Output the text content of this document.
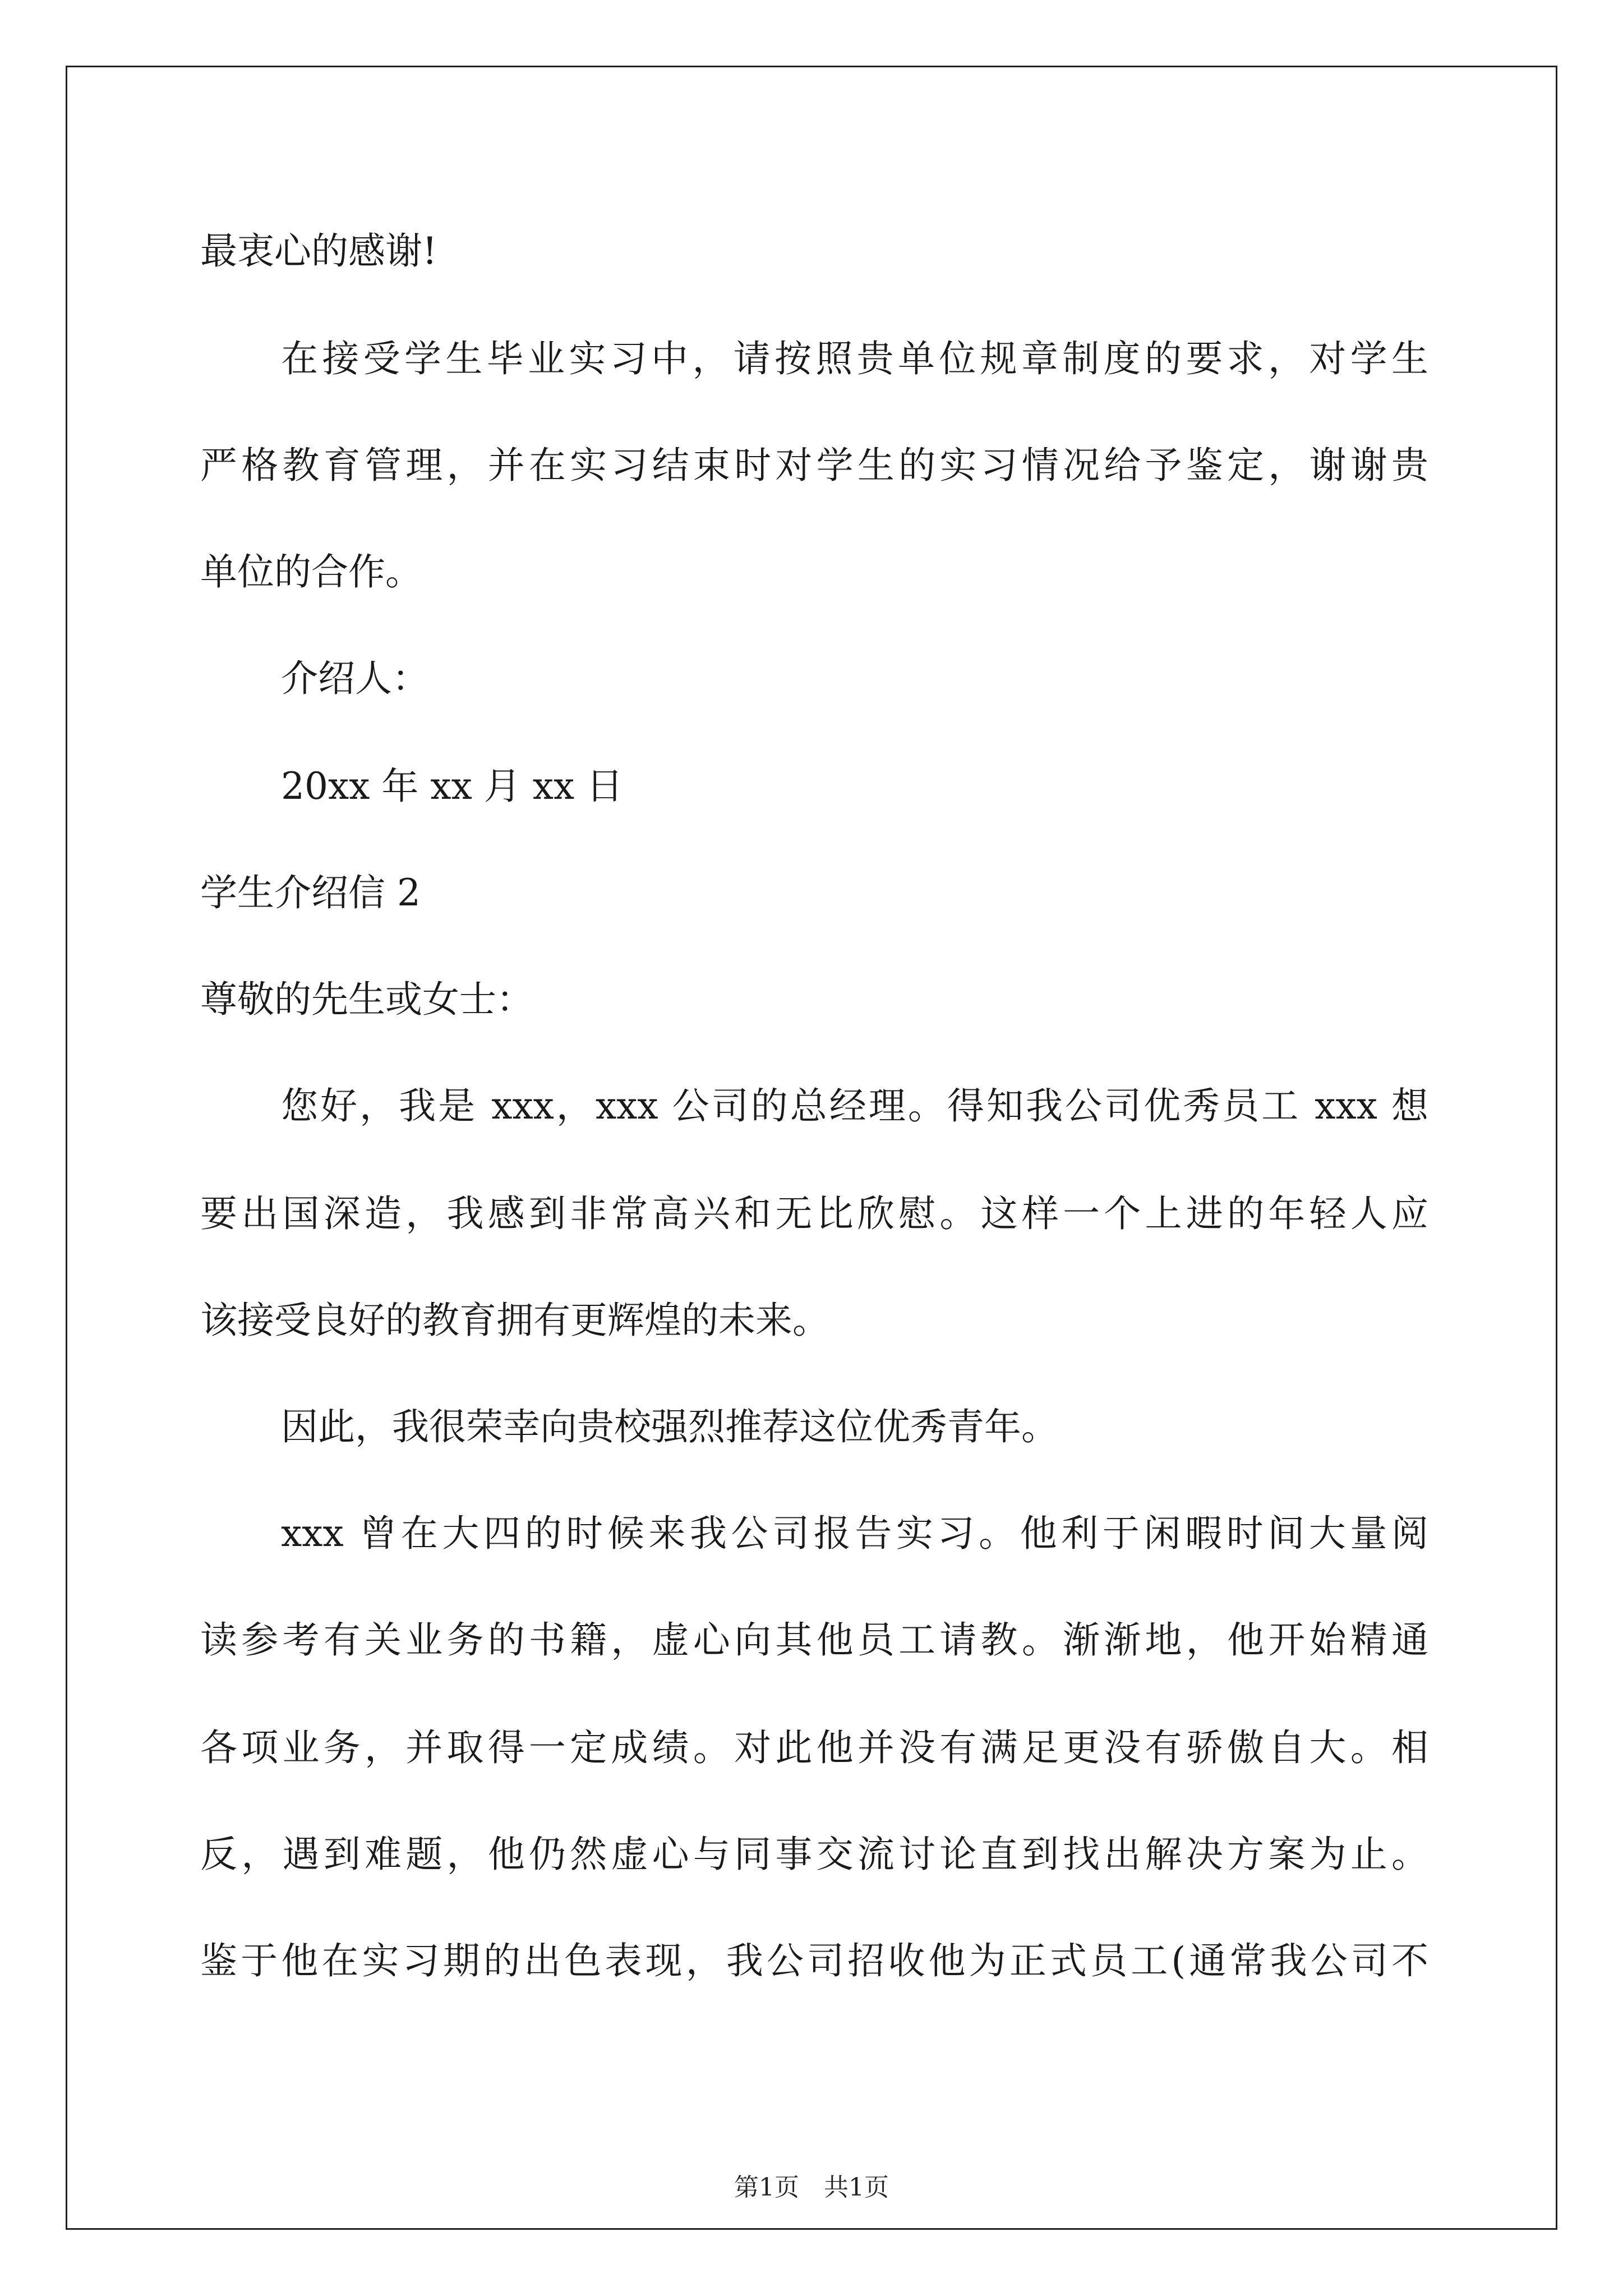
最衷心的感谢!
在接受学生毕业实习中，请按照贵单位规章制度的要求，对学生
严格教育管理，并在实习结束时对学生的实习情况给予鉴定，谢谢贵
单位的合作。
介绍人：
20xx 年 xx 月 xx 日
学生介绍信 2
尊敬的先生或女士：
您好，我是 xxx，xxx 公司的总经理。得知我公司优秀员工 xxx 想
要出国深造，我感到非常高兴和无比欣慰。这样一个上进的年轻人应
该接受良好的教育拥有更辉煌的未来。
因此，我很荣幸向贵校强烈推荐这位优秀青年。
xxx 曾在大四的时候来我公司报告实习。他利于闲暇时间大量阅
读参考有关业务的书籍，虚心向其他员工请教。渐渐地，他开始精通
各项业务，并取得一定成绩。对此他并没有满足更没有骄傲自大。相
反，遇到难题，他仍然虚心与同事交流讨论直到找出解决方案为止。
鉴于他在实习期的出色表现，我公司招收他为正式员工(通常我公司不
第1页　共1页
